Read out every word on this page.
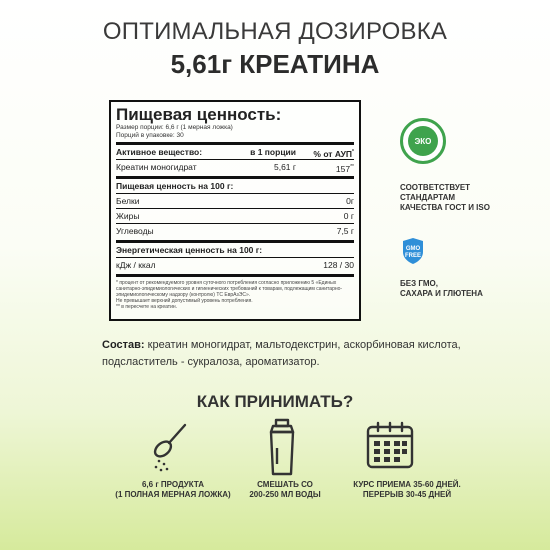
ОПТИМАЛЬНАЯ ДОЗИРОВКА
5,61г КРЕАТИНА
Пищевая ценность:
Размер порции: 6,6 г (1 мерная ложка)
Порций в упаковке: 30
Активное вещество:	в 1 порции	% от АУП*
Креатин моногидрат	5,61 г	157**
Пищевая ценность на 100 г:
Белки	0г
Жиры	0 г
Углеводы	7,5 г
Энергетическая ценность на 100 г:
кДж / ккал	128 / 30
* процент от рекомендуемого уровня суточного потребления согласно приложению 5 «Единых санитарно-эпидемиологических и гигиенических требований к товарам, подлежащим санитарно-эпидемиологическому надзору (контролю) ТС ЕврАзЭС».
Не превышает верхний допустимый уровень потребления.
** в пересчете на креатин.
ЭКО
СООТВЕТСТВУЕТ
СТАНДАРТАМ
КАЧЕСТВА ГОСТ И ISO
GMO
FREE
БЕЗ ГМО,
САХАРА И ГЛЮТЕНА
Состав: креатин моногидрат, мальтодекстрин, аскорбиновая кислота, подсластитель - сукралоза, ароматизатор.
КАК ПРИНИМАТЬ?
6,6 г ПРОДУКТА
(1 ПОЛНАЯ МЕРНАЯ ЛОЖКА)
СМЕШАТЬ СО
200-250 МЛ ВОДЫ
КУРС ПРИЕМА 35-60 ДНЕЙ.
ПЕРЕРЫВ 30-45 ДНЕЙ
